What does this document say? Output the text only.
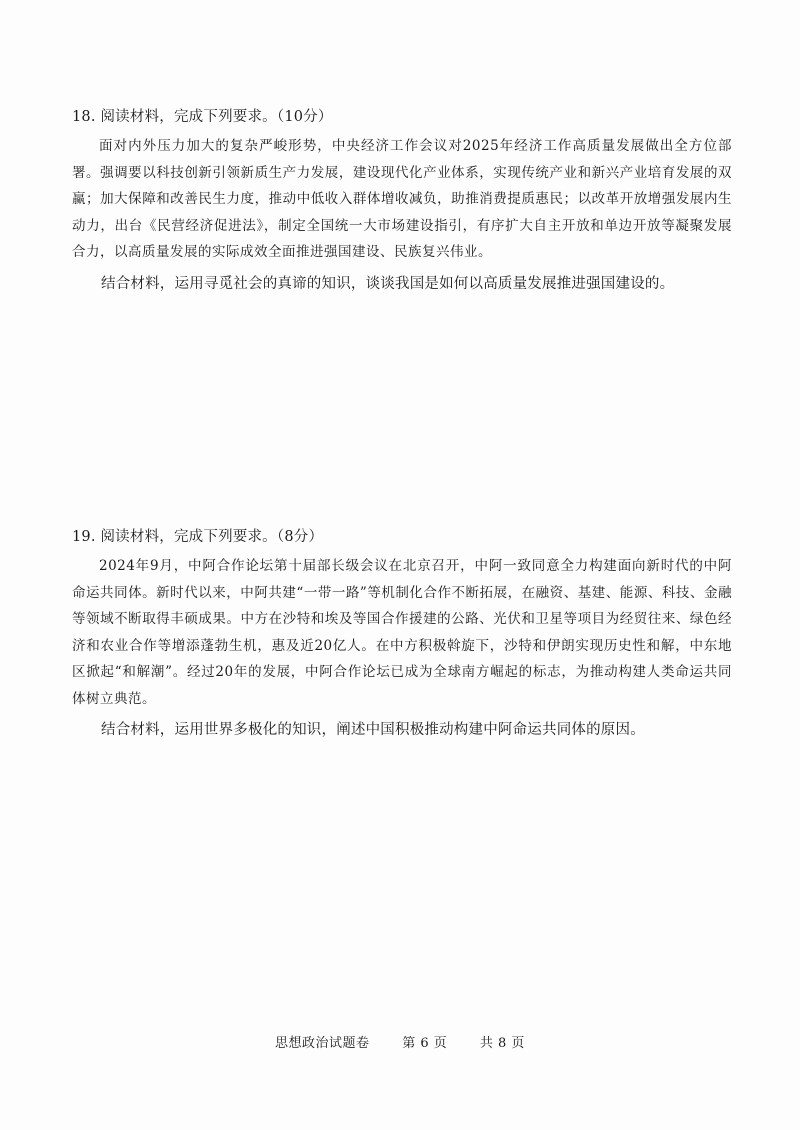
18. 阅读材料，完成下列要求。（10分）

面对内外压力加大的复杂严峻形势，中央经济工作会议对2025年经济工作高质量发展做出全方位部署。强调要以科技创新引领新质生产力发展，建设现代化产业体系，实现传统产业和新兴产业培育发展的双赢；加大保障和改善民生力度，推动中低收入群体增收减负，助推消费提质惠民；以改革开放增强发展内生动力，出台《民营经济促进法》，制定全国统一大市场建设指引，有序扩大自主开放和单边开放等凝聚发展合力，以高质量发展的实际成效全面推进强国建设、民族复兴伟业。

结合材料，运用寻觅社会的真谛的知识，谈谈我国是如何以高质量发展推进强国建设的。

19. 阅读材料，完成下列要求。（8分）

2024年9月，中阿合作论坛第十届部长级会议在北京召开，中阿一致同意全力构建面向新时代的中阿命运共同体。新时代以来，中阿共建“一带一路”等机制化合作不断拓展，在融资、基建、能源、科技、金融等领域不断取得丰硕成果。中方在沙特和埃及等国合作援建的公路、光伏和卫星等项目为经贸往来、绿色经济和农业合作等增添蓬勃生机，惠及近20亿人。在中方积极斡旋下，沙特和伊朗实现历史性和解，中东地区掀起“和解潮”。经过20年的发展，中阿合作论坛已成为全球南方崛起的标志，为推动构建人类命运共同体树立典范。

结合材料，运用世界多极化的知识，阐述中国积极推动构建中阿命运共同体的原因。

思想政治试题卷	第 6 页	共 8 页
